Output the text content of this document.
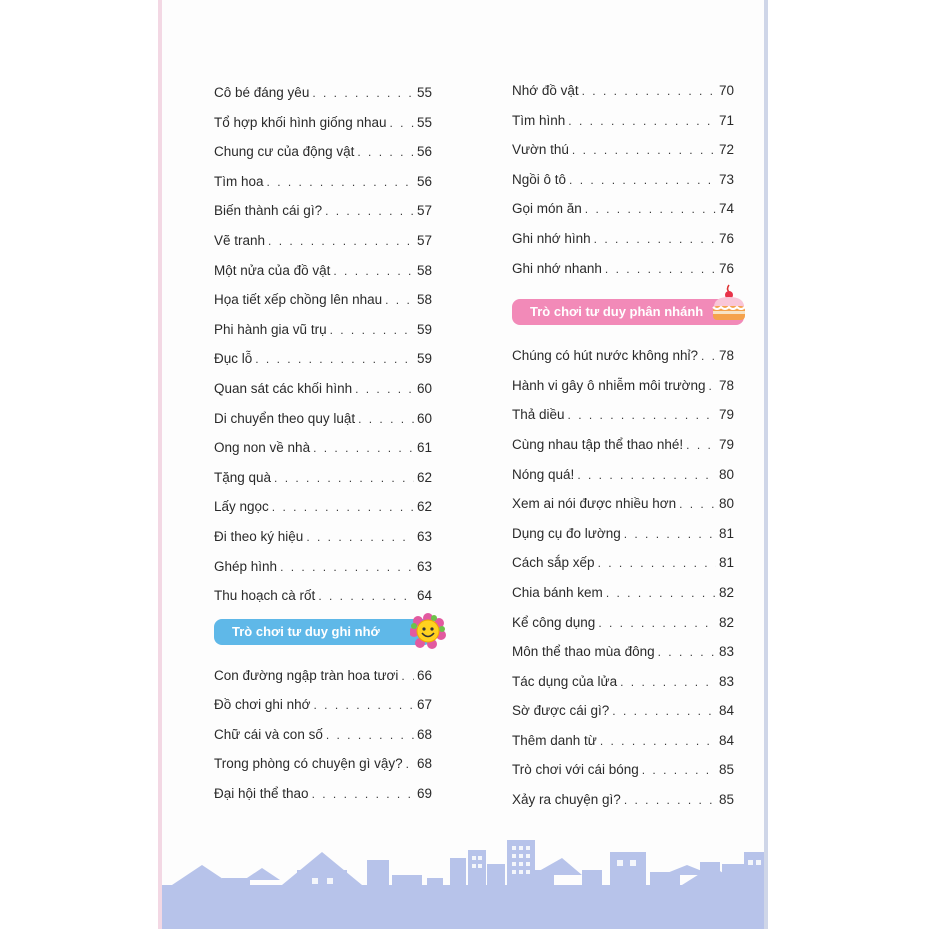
Cô bé đáng yêu . . .	55
Tổ hợp khối hình giống nhau . . . 55
Chung cư của động vật . . .	56
Tìm hoa . . .	56
Biến thành cái gì? . . .	57
Vẽ tranh . . .	57
Một nửa của đồ vật . . .	58
Họa tiết xếp chồng lên nhau . . .	58
Phi hành gia vũ trụ . . .	59
Đục lỗ . . .	59
Quan sát các khối hình . . .	60
Di chuyển theo quy luật . . .	60
Ong non về nhà . . .	61
Tặng quà . . .	62
Lấy ngọc . . .	62
Đi theo ký hiệu . . .	63
Ghép hình . . .	63
Thu hoạch cà rốt . . .	64
Trò chơi tư duy ghi nhớ
Con đường ngập tràn hoa tươi . . . 66
Đồ chơi ghi nhớ . . .	67
Chữ cái và con số . . .	68
Trong phòng có chuyện gì vậy? . . . 68
Đại hội thể thao . . .	69
Nhớ đồ vật . . .	70
Tìm hình . . .	71
Vườn thú . . .	72
Ngồi ô tô . . .	73
Gọi món ăn . . .	74
Ghi nhớ hình . . .	76
Ghi nhớ nhanh . . .	76
Trò chơi tư duy phân nhánh
Chúng có hút nước không nhỉ? . . . 78
Hành vi gây ô nhiễm môi trường . . . 78
Thả diều . . .	79
Cùng nhau tập thể thao nhé! . . .	79
Nóng quá! . . .	80
Xem ai nói được nhiều hơn . . .	80
Dụng cụ đo lường . . .	81
Cách sắp xếp . . .	81
Chia bánh kem . . .	82
Kể công dụng . . .	82
Môn thể thao mùa đông . . .	83
Tác dụng của lửa . . .	83
Sờ được cái gì? . . .	84
Thêm danh từ . . .	84
Trò chơi với cái bóng . . .	85
Xảy ra chuyện gì? . . .	85
